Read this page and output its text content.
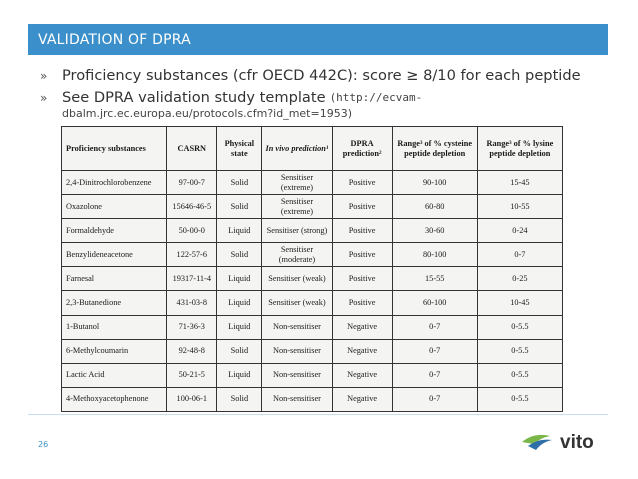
VALIDATION OF DPRA
»	Proficiency substances (cfr OECD 442C): score ≥ 8/10 for each peptide
»	See DPRA validation study template (http://ecvam-
dbalm.jrc.ec.europa.eu/protocols.cfm?id_met=1953)
Proficiency substances	CASRN	Physical state	In vivo prediction¹	DPRA prediction²	Range³ of % cysteine peptide depletion	Range³ of % lysine peptide depletion
2,4-Dinitrochlorobenzene	97-00-7	Solid	Sensitiser (extreme)	Positive	90-100	15-45
Oxazolone	15646-46-5	Solid	Sensitiser (extreme)	Positive	60-80	10-55
Formaldehyde	50-00-0	Liquid	Sensitiser (strong)	Positive	30-60	0-24
Benzylideneacetone	122-57-6	Solid	Sensitiser (moderate)	Positive	80-100	0-7
Farnesal	19317-11-4	Liquid	Sensitiser (weak)	Positive	15-55	0-25
2,3-Butanedione	431-03-8	Liquid	Sensitiser (weak)	Positive	60-100	10-45
1-Butanol	71-36-3	Liquid	Non-sensitiser	Negative	0-7	0-5.5
6-Methylcoumarin	92-48-8	Solid	Non-sensitiser	Negative	0-7	0-5.5
Lactic Acid	50-21-5	Liquid	Non-sensitiser	Negative	0-7	0-5.5
4-Methoxyacetophenone	100-06-1	Solid	Non-sensitiser	Negative	0-7	0-5.5
26	vito
